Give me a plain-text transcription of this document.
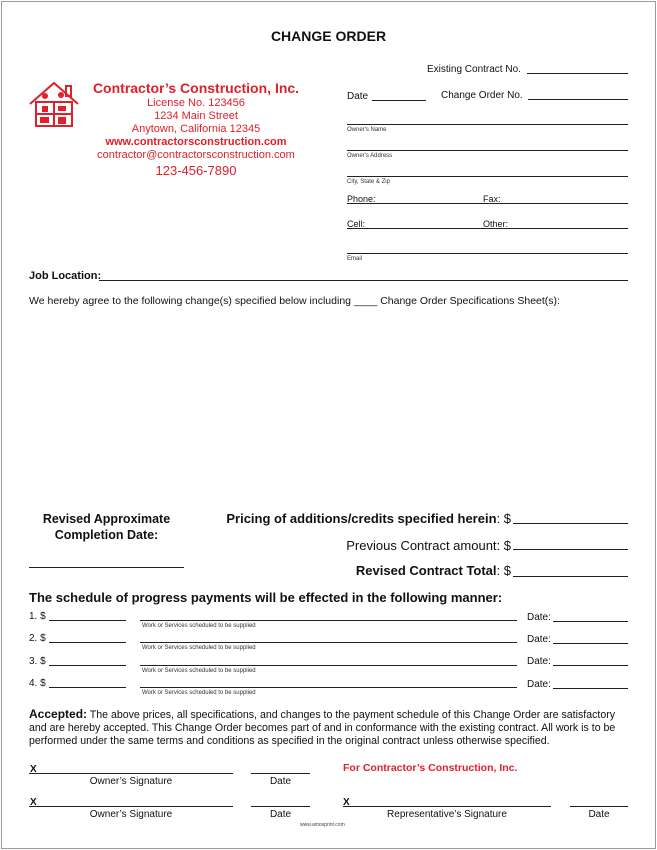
CHANGE ORDER
Contractor’s Construction, Inc.
License No. 123456
1234 Main Street
Anytown, California 12345
www.contractorsconstruction.com
contractor@contractorsconstruction.com
123-456-7890
Existing Contract No.
Date	Change Order No.
Owner's Name
Owner's Address
City, State & Zip
Phone:	Fax:
Cell:	Other:
Email
Job Location:
We hereby agree to the following change(s) specified below including ____ Change Order Specifications Sheet(s):
Revised Approximate
Completion Date:
Pricing of additions/credits specified herein: $
Previous Contract amount: $
Revised Contract Total: $
The schedule of progress payments will be effected in the following manner:
1. $
Work or Services scheduled to be supplied
Date:
2. $
Work or Services scheduled to be supplied
Date:
3. $
Work or Services scheduled to be supplied
Date:
4. $
Work or Services scheduled to be supplied
Date:
Accepted: The above prices, all specifications, and changes to the payment schedule of this Change Order are satisfactory
and are hereby accepted. This Change Order becomes part of and in conformance with the existing contract. All work is to be
performed under the same terms and conditions as specified in the original contract unless otherwise specified.
X
Owner’s Signature	Date
For Contractor’s Construction, Inc.
X
Owner’s Signature	Date
X
Representative’s Signature	Date
www.amosprint.com
